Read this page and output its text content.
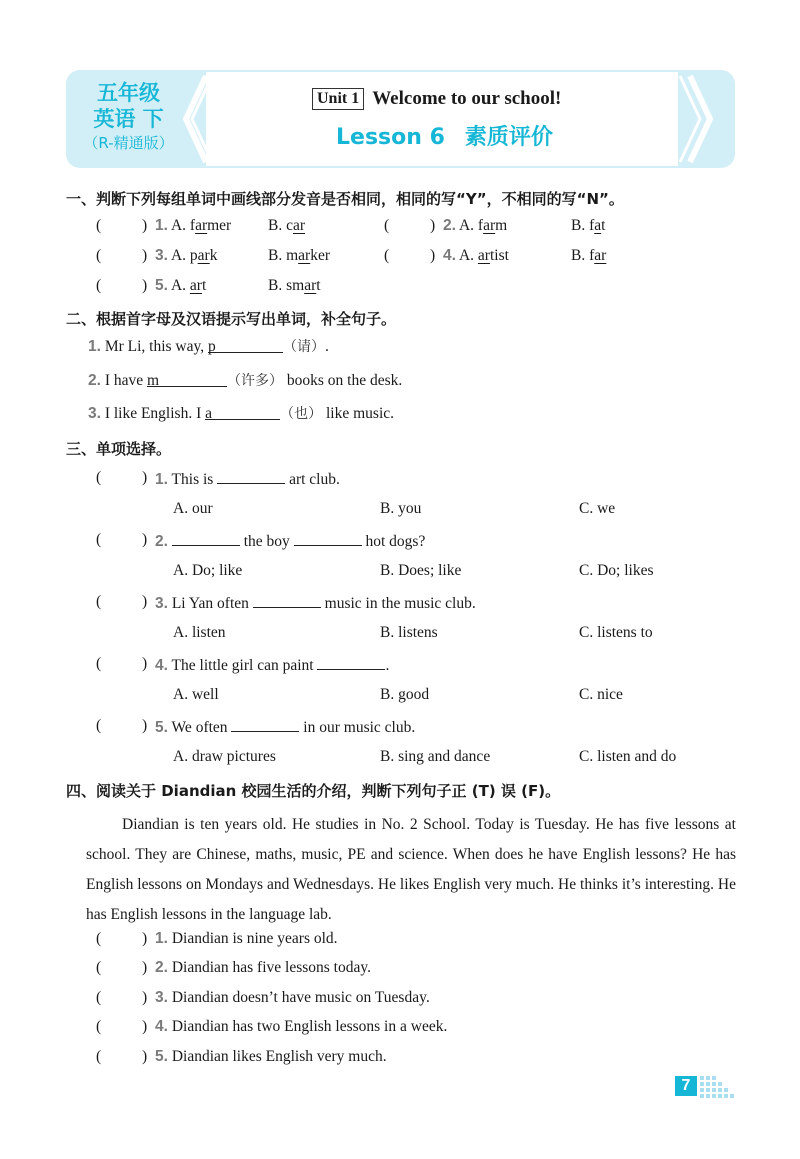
五年级
英语 下
（R-精通版）
Unit 1 Welcome to our school!
Lesson 6 素质评价
一、判断下列每组单词中画线部分发音是否相同，相同的写“Y”，不相同的写“N”。
(	) 1. A. farmer B. car	(	) 2. A. farm	B. fat
(	) 3. A. park	B. marker	(	) 4. A. artist	B. far
(	) 5. A. art	B. smart
二、根据首字母及汉语提示写出单词，补全句子。
1. Mr Li, this way, p	（请）.
2. I have m	（许多） books on the desk.
3. I like English. I a	（也） like music.
三、单项选择。
(	) 1. This is	art club.
A. our	B. you	C. we
(	) 2.	the boy	hot dogs?
A. Do; like	B. Does; like	C. Do; likes
(	) 3. Li Yan often	music in the music club.
A. listen	B. listens	C. listens to
(	) 4. The little girl can paint	.
A. well	B. good	C. nice
(	) 5. We often	in our music club.
A. draw pictures	B. sing and dance	C. listen and do
四、阅读关于 Diandian 校园生活的介绍，判断下列句子正 (T) 误 (F)。
Diandian is ten years old. He studies in No. 2 School. Today is Tuesday. He has five lessons at school. They are Chinese, maths, music, PE and science. When does he have English lessons? He has English lessons on Mondays and Wednesdays. He likes English very much. He thinks it’s interesting. He has English lessons in the language lab.
(	) 1. Diandian is nine years old.
(	) 2. Diandian has five lessons today.
(	) 3. Diandian doesn’t have music on Tuesday.
(	) 4. Diandian has two English lessons in a week.
(	) 5. Diandian likes English very much.
7
